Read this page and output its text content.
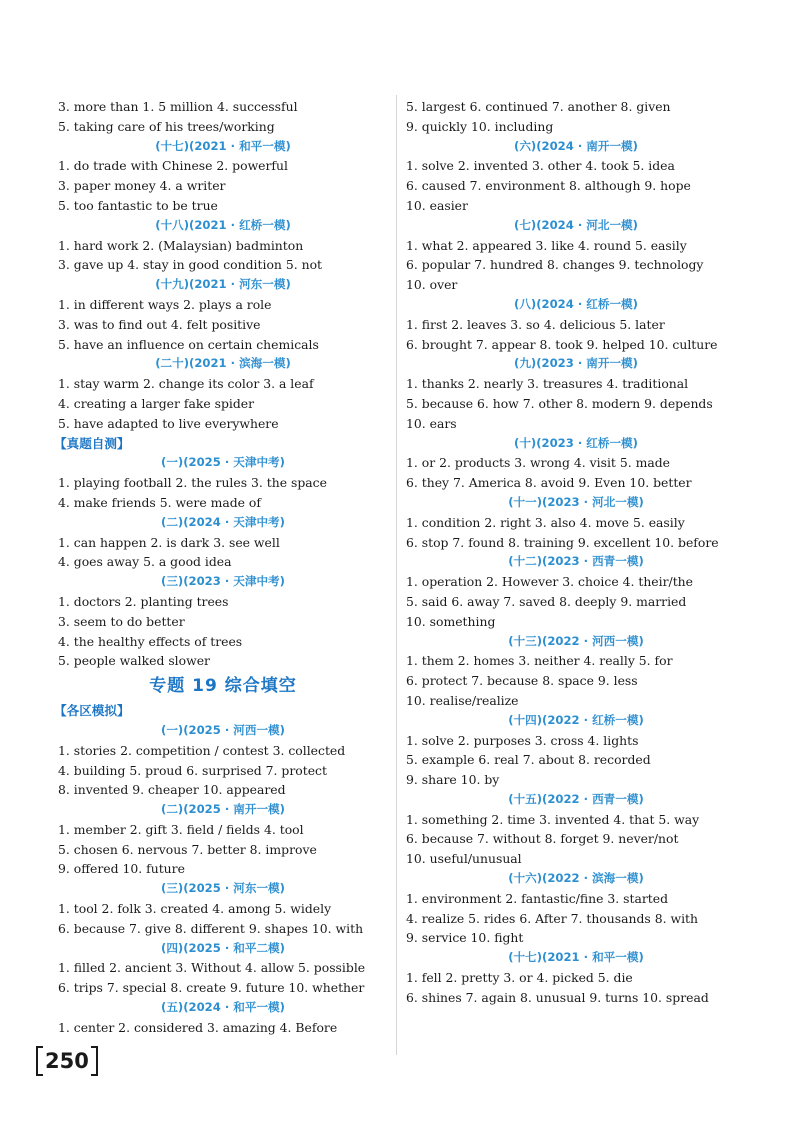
3. more than 1. 5 million 4. successful
5. taking care of his trees/working
(十七)(2021 · 和平一模)
1. do trade with Chinese 2. powerful
3. paper money 4. a writer
5. too fantastic to be true
(十八)(2021 · 红桥一模)
1. hard work 2. (Malaysian) badminton
3. gave up 4. stay in good condition 5. not
(十九)(2021 · 河东一模)
1. in different ways 2. plays a role
3. was to find out 4. felt positive
5. have an influence on certain chemicals
(二十)(2021 · 滨海一模)
1. stay warm 2. change its color 3. a leaf
4. creating a larger fake spider
5. have adapted to live everywhere
【真题自测】
(一)(2025 · 天津中考)
1. playing football 2. the rules 3. the space
4. make friends 5. were made of
(二)(2024 · 天津中考)
1. can happen 2. is dark 3. see well
4. goes away 5. a good idea
(三)(2023 · 天津中考)
1. doctors 2. planting trees
3. seem to do better
4. the healthy effects of trees
5. people walked slower
专题 19 综合填空
【各区模拟】
(一)(2025 · 河西一模)
1. stories 2. competition / contest 3. collected
4. building 5. proud 6. surprised 7. protect
8. invented 9. cheaper 10. appeared
(二)(2025 · 南开一模)
1. member 2. gift 3. field / fields 4. tool
5. chosen 6. nervous 7. better 8. improve
9. offered 10. future
(三)(2025 · 河东一模)
1. tool 2. folk 3. created 4. among 5. widely
6. because 7. give 8. different 9. shapes 10. with
(四)(2025 · 和平二模)
1. filled 2. ancient 3. Without 4. allow 5. possible
6. trips 7. special 8. create 9. future 10. whether
(五)(2024 · 和平一模)
1. center 2. considered 3. amazing 4. Before
5. largest 6. continued 7. another 8. given
9. quickly 10. including
(六)(2024 · 南开一模)
1. solve 2. invented 3. other 4. took 5. idea
6. caused 7. environment 8. although 9. hope
10. easier
(七)(2024 · 河北一模)
1. what 2. appeared 3. like 4. round 5. easily
6. popular 7. hundred 8. changes 9. technology
10. over
(八)(2024 · 红桥一模)
1. first 2. leaves 3. so 4. delicious 5. later
6. brought 7. appear 8. took 9. helped 10. culture
(九)(2023 · 南开一模)
1. thanks 2. nearly 3. treasures 4. traditional
5. because 6. how 7. other 8. modern 9. depends
10. ears
(十)(2023 · 红桥一模)
1. or 2. products 3. wrong 4. visit 5. made
6. they 7. America 8. avoid 9. Even 10. better
(十一)(2023 · 河北一模)
1. condition 2. right 3. also 4. move 5. easily
6. stop 7. found 8. training 9. excellent 10. before
(十二)(2023 · 西青一模)
1. operation 2. However 3. choice 4. their/the
5. said 6. away 7. saved 8. deeply 9. married
10. something
(十三)(2022 · 河西一模)
1. them 2. homes 3. neither 4. really 5. for
6. protect 7. because 8. space 9. less
10. realise/realize
(十四)(2022 · 红桥一模)
1. solve 2. purposes 3. cross 4. lights
5. example 6. real 7. about 8. recorded
9. share 10. by
(十五)(2022 · 西青一模)
1. something 2. time 3. invented 4. that 5. way
6. because 7. without 8. forget 9. never/not
10. useful/unusual
(十六)(2022 · 滨海一模)
1. environment 2. fantastic/fine 3. started
4. realize 5. rides 6. After 7. thousands 8. with
9. service 10. fight
(十七)(2021 · 和平一模)
1. fell 2. pretty 3. or 4. picked 5. die
6. shines 7. again 8. unusual 9. turns 10. spread
250
